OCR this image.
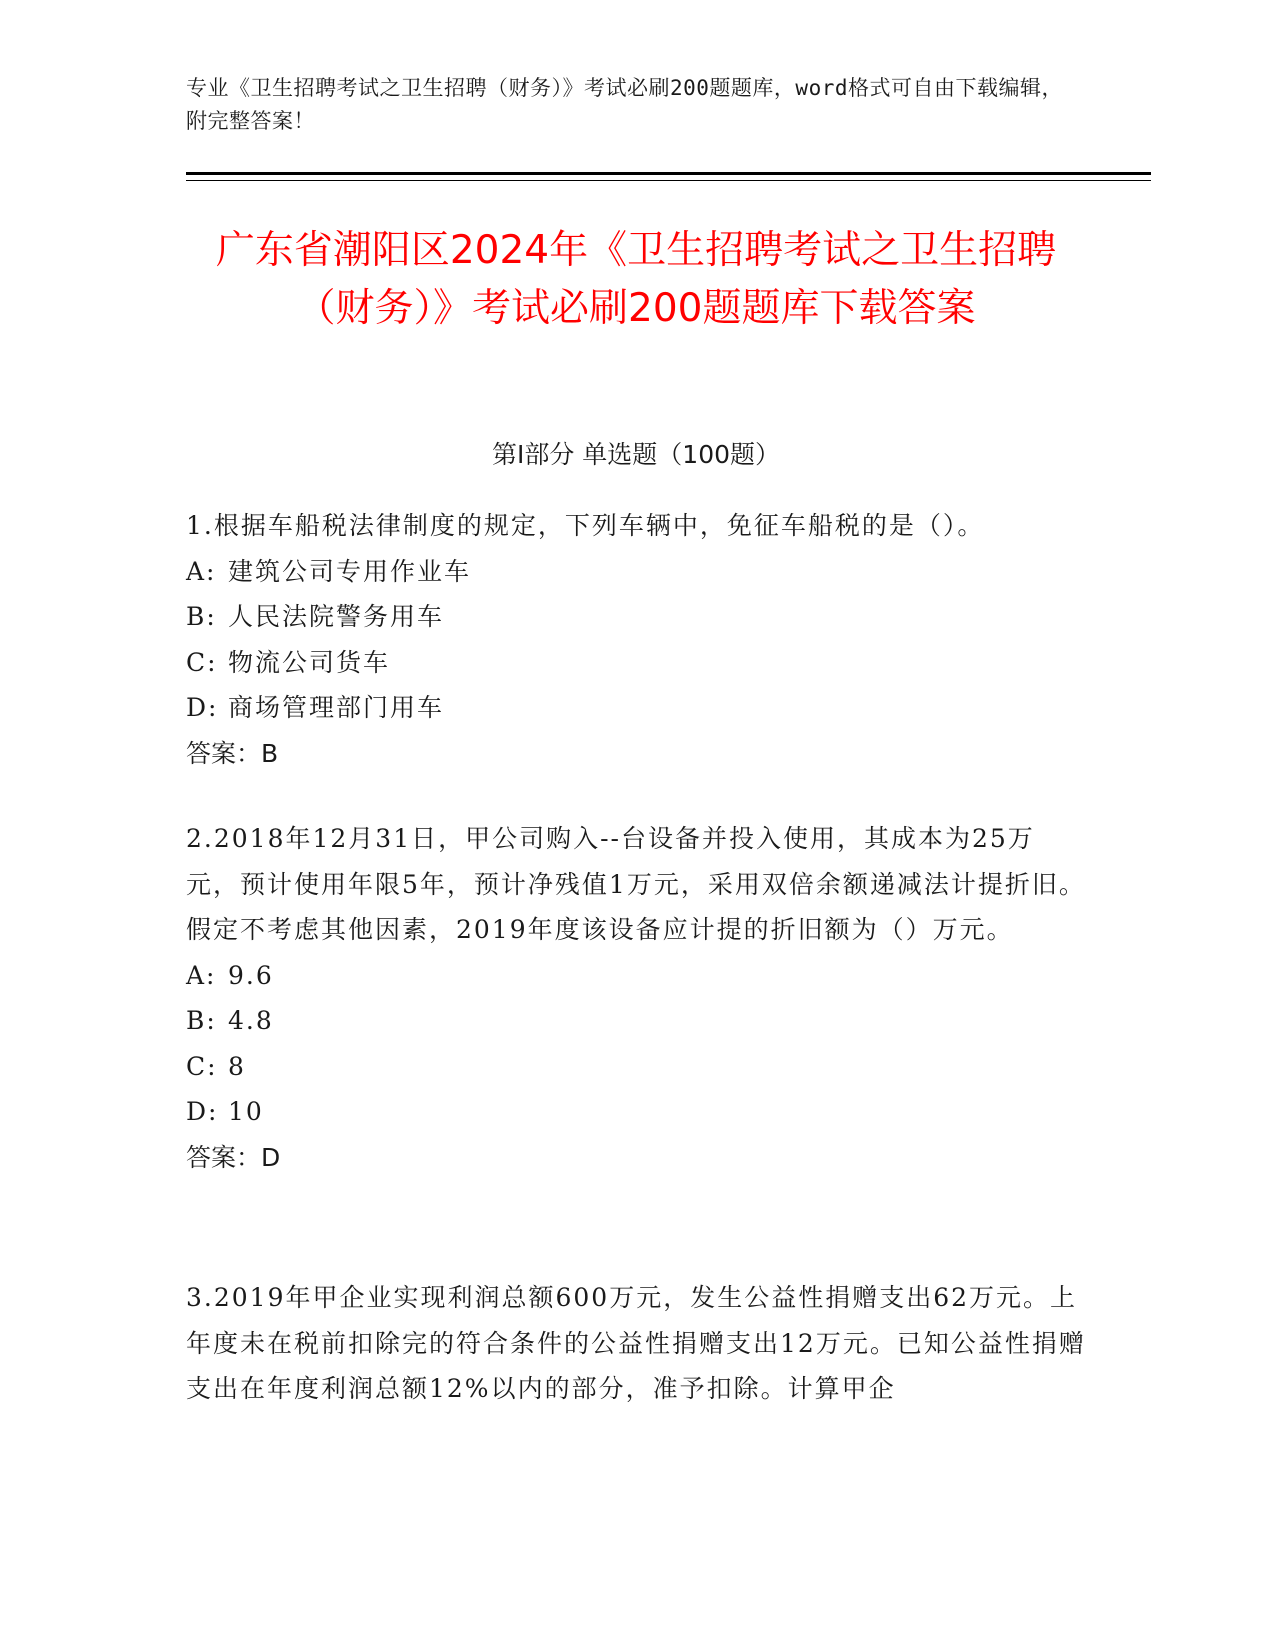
专业《卫生招聘考试之卫生招聘（财务）》考试必刷200题题库，word格式可自由下载编辑，附完整答案！
广东省潮阳区2024年《卫生招聘考试之卫生招聘（财务）》考试必刷200题题库下载答案
第I部分 单选题（100题）
1.根据车船税法律制度的规定，下列车辆中，免征车船税的是（）。
A: 建筑公司专用作业车
B: 人民法院警务用车
C: 物流公司货车
D: 商场管理部门用车
答案：B
2.2018年12月31日，甲公司购入--台设备并投入使用，其成本为25万元，预计使用年限5年，预计净残值1万元，采用双倍余额递减法计提折旧。假定不考虑其他因素，2019年度该设备应计提的折旧额为（）万元。
A: 9.6
B: 4.8
C: 8
D: 10
答案：D
3.2019年甲企业实现利润总额600万元，发生公益性捐赠支出62万元。上年度未在税前扣除完的符合条件的公益性捐赠支出12万元。已知公益性捐赠支出在年度利润总额12%以内的部分，准予扣除。计算甲企
